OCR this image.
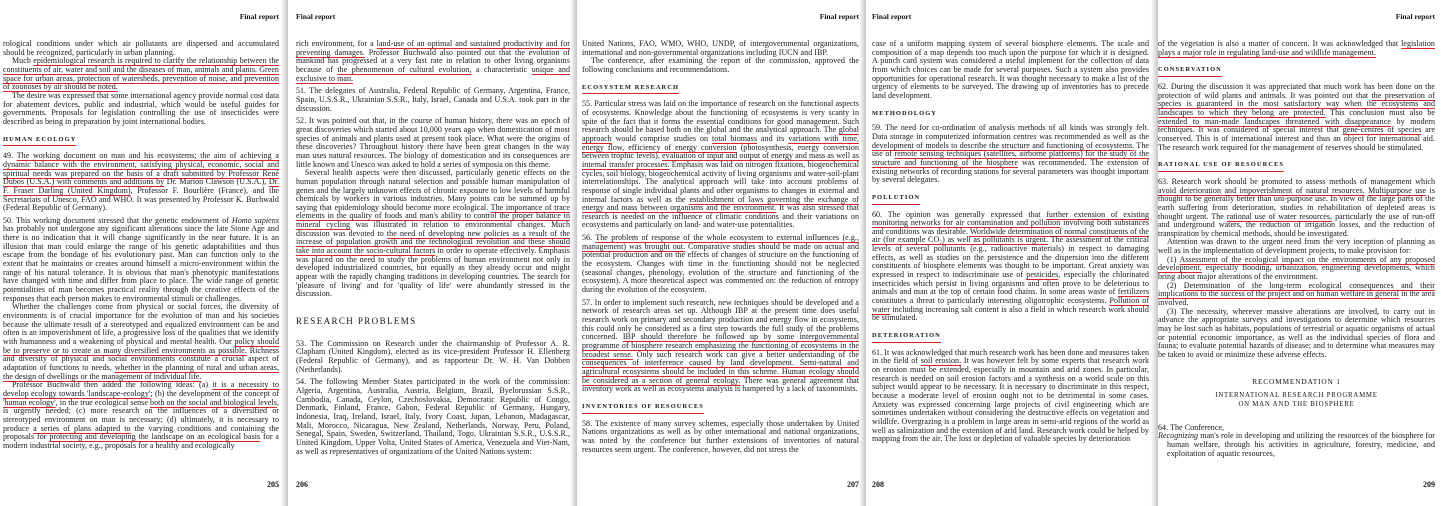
Final report

rological conditions under which air pollutants are dispersed and accumulated should be recognized, particularly in urban planning.

Much epidemiological research is required to clarify the relationship between the constituents of air, water and soil and the diseases of man, animals and plants. Green space for urban areas, protection of watersheds, prevention of noise, and prevention of zoonoses by air should be noted.

The desire was expressed that some international agency provide normal cost data for abatement devices, public and industrial, which would be useful guides for governments. Proposals for legislation controlling the use of insecticides were described as being in preparation by joint international bodies.

HUMAN ECOLOGY

49. The working document on man and his ecosystems; the aim of achieving a dynamic balance with the environment, satisfying physical, economic, social and spiritual needs was prepared on the basis of a draft submitted by Professor René Dubos (U.S.A.) with comments and additions by Dr. Marion Clawson (U.S.A.), Dr. F. Fraser Darling (United Kingdom), Professor F. Bourlière (France), and the Secretariats of Unesco, FAO and WHO. It was presented by Professor K. Buchwald (Federal Republic of Germany).

50. This working document stressed that the genetic endowment of Homo sapiens has probably not undergone any significant alterations since the late Stone Age and there is no indication that it will change significantly in the near future. It is an illusion that man could enlarge the range of his genetic adaptabilities and thus escape from the bondage of his evolutionary past. Man can function only to the extent that he maintains or creates around himself a micro-environment within the range of his natural tolerance. It is obvious that man's phenotypic manifestations have changed with time and differ from place to place. The wide range of genetic potentialities of man becomes practical reality through the creative effects of the responses that each person makes to environmental stimuli or challenges.

Whether the challenges come from physical or social forces, the diversity of environments is of crucial importance for the evolution of man and his societies because the ultimate result of a stereotyped and equalized environment can be and often is an impoverishment of life, a progressive loss of the qualities that we identify with humanness and a weakening of physical and mental health. Our policy should be to preserve or to create as many diversified environments as possible. Richness and diversity of physical and social environments constitute a crucial aspect of adaptation of functions to needs, whether in the planning of rural and urban areas, the design of dwellings or the management of individual life.

Professor Buchwald then added the following ideas: (a) it is a necessity to develop ecology towards 'landscape-ecology'; (b) the development of the concept of 'human ecology', in the true ecological sense both on the social and biological levels, is urgently needed; (c) more research on the influences of a diversified or stereotyped environment on man is necessary; (d) ultimately, it is necessary to produce a series of plans adapted to the varying conditions and containing the proposals for protecting and developing the landscape on an ecological basis for a modern industrial society, e.g., proposals for a healthy and ecologically

205
Final report

rich environment, for a land-use of an optimal and sustained productivity and for preventing damages. Professor Buchwald also pointed out that the evolution of mankind has progressed at a very fast rate in relation to other living organisms because of the phenomenon of cultural evolution, a characteristic unique and exclusive to man.

51. The delegates of Australia, Federal Republic of Germany, Argentina, France, Spain, U.S.S.R., Ukrainian S.S.R., Italy, Israel, Canada and U.S.A. took part in the discussion.

52. It was pointed out that, in the course of human history, there was an epoch of great discoveries which started about 10,000 years ago when domestication of most species of animals and plants used at present took place. What were the origins of these discoveries? Throughout history there have been great changes in the way man uses natural resources. The biology of domestication and its consequences are little known and Unesco was asked to hold a series of symposia on this theme.

Several health aspects were then discussed, particularly genetic effects on the human population through natural selection and possible human manipulation of genes and the largely unknown effects of chronic exposure to low levels of harmful chemicals by workers in various industries. Many points can be summed up by saying that epidemiology should become more ecological. The importance of trace elements in the quality of foods and man's ability to control the proper balance in mineral cycling was illustrated in relation to environmental changes. Much discussion was devoted to the need of developing new policies as a result of the increase of population growth and the technological revolution and these should take into account the socio-cultural factors in order to operate effectively. Emphasis was placed on the need to study the problems of human environment not only in developed industrialized countries, but equally as they already occur and might appear with the rapidly changing traditions in developing countries. The search for 'pleasure of living' and for 'quality of life' were abundantly stressed in the discussion.

RESEARCH PROBLEMS

53. The Commission on Research under the chairmanship of Professor A. R. Clapham (United Kingdom), elected as its vice-president Professor H. Ellenberg (Federal Republic of Germany), and as rapporteur Dr. W. H. Van Dobben (Netherlands).

54. The following Member States participated in the work of the commission: Algeria, Argentina, Australia, Austria, Belgium, Brazil, Byelorussian S.S.R., Cambodia, Canada, Ceylon, Czechoslovakia, Democratic Republic of Congo, Denmark, Finland, France, Gabon, Federal Republic of Germany, Hungary, Indonesia, Iraq, Ireland, Israel, Italy, Ivory Coast, Japan, Lebanon, Madagascar, Mali, Morocco, Nicaragua, New Zealand, Netherlands, Norway, Peru, Poland, Senegal, Spain, Sweden, Switzerland, Thailand, Togo, Ukrainian S.S.R., U.S.S.R., United Kingdom, Upper Volta, United States of America, Venezuela and Viet-Nam, as well as representatives of organizations of the United Nations system:

206
Final report

United Nations, FAO, WMO, WHO, UNDP, of intergovernmental organizations, international and non-governmental organizations including IUCN and IBP.

The conference, after examining the report of the commission, approved the following conclusions and recommendations.

ECOSYSTEM RESEARCH

55. Particular stress was laid on the importance of research on the functional aspects of ecosystems. Knowledge about the functioning of ecosystems is very scanty in spite of the fact that it forms the essential conditions for good management. Such research should be based both on the global and the analytical approach. The global approach would comprise studies on total biomass and its variations with time, energy flow, efficiency of energy conversion (photosynthesis, energy conversion between trophic levels), evaluation of input and output of energy and mass as well as internal transfer processes. Emphasis was laid on nitrogen fixations, biogeochemical cycles, soil biology, biogeochemical activity of living organisms and water-soil-plant interrelationships. The analytical approach will take into account problems of response of single individual plants and other organisms to changes in external and internal factors as well as the establishment of laws governing the exchange of energy and mass between organisms and the environment. It was also stressed that research is needed on the influence of climatic conditions and their variations on ecosystems and particularly on land- and water-use potentialities.

56. The problem of response of the whole ecosystem to external influences (e.g., management) was brought out. Comparative studies should be made on actual and potential production and on the effects of changes of structure on the functioning of the ecosystem. Changes with time in the functioning should not be neglected (seasonal changes, phenology, evolution of the structure and functioning of the ecosystem). A more theoretical aspect was commented on: the reduction of entropy during the evolution of the ecosystem.

57. In order to implement such research, new techniques should be developed and a network of research areas set up. Although IBP at the present time does useful research work on primary and secondary production and energy flow in ecosystems, this could only be considered as a first step towards the full study of the problems concerned. IBP should therefore be followed up by some intergovernmental programme of biosphere research emphasizing the functioning of ecosystems in the broadest sense. Only such research work can give a better understanding of the consequences of interference caused by land development. Semi-natural and agricultural ecosystems should be included in this scheme. Human ecology should be considered as a section of general ecology. There was general agreement that inventory work as well as ecosystems analysis is hampered by a lack of taxonomists.

INVENTORIES OF RESOURCES

58. The existence of many survey schemes, especially those undertaken by United Nations organizations as well as by other international and national organizations, was noted by the conference but further extensions of inventories of natural resources seem urgent. The conference, however, did not stress the

207
Final report

case of a uniform mapping system of several biosphere elements. The scale and composition of a map depends too much upon the purpose for which it is designed. A punch card system was considered a useful implement for the collection of data from which choices can be made for several purposes. Such a system also provides opportunities for operational research. It was thought necessary to make a list of the urgency of elements to be surveyed. The drawing up of inventories has to precede land development.

METHODOLOGY

59. The need for co-ordination of analysis methods of all kinds was strongly felt. Data storage in computerized information centres was recommended as well as the development of models to describe the structure and functioning of ecosystems. The use of remote sensing techniques (satellites, airborne platforms) for the study of the structure and functioning of the biosphere was recommended. The extension of existing networks of recording stations for several parameters was thought important by several delegates.

POLLUTION

60. The opinion was generally expressed that further extension of existing monitoring networks for air contamination and pollution involving both substances and conditions was desirable. Worldwide determination of normal constituents of the air (for example CO₂) as well as pollutants is urgent. The assessment of the critical levels of several pollutants (e.g., radioactive materials) in respect to damaging effects, as well as studies on the persistence and the dispersion into the different constituents of biosphere elements was thought to be important. Great anxiety was expressed in respect to indiscriminate use of pesticides, especially the chlorinated insecticides which persist in living organisms and often prove to be deleterious to animals and man at the top of certain food chains. In some areas waste of fertilizers constitutes a threat to particularly interesting oligotrophic ecosystems. Pollution of water including increasing salt content is also a field in which research work should be stimulated.

DETERIORATION

61. It was acknowledged that much research work has been done and measures taken in the field of soil erosion. It was however felt by some experts that research work on erosion must be extended, especially in mountain and arid zones. In particular, research is needed on soil erosion factors and a synthesis on a world scale on this subject would appear to be necessary. It is necessary to discriminate in this respect, because a moderate level of erosion ought not to be detrimental in some cases. Anxiety was expressed concerning large projects of civil engineering which are sometimes undertaken without considering the destructive effects on vegetation and wildlife. Overgrazing is a problem in large areas in semi-arid regions of the world as well as salinization and the extension of arid land. Research work could be helped by mapping from the air. The loss or depletion of valuable species by deterioration

208
Final report

of the vegetation is also a matter of concern. It was acknowledged that legislation plays a major role in regulating land-use and wildlife management.

CONSERVATION

62. During the discussion it was appreciated that much work has been done on the protection of wild plants and animals. It was pointed out that the preservation of species is guaranteed in the most satisfactory way when the ecosystems and landscapes to which they belong are protected. This conclusion must also be extended to man-made landscapes threatened with disappearance by modern techniques. It was considered of special interest that gene-centres of species are conserved. This is of international interest and thus an object for international aid. The research work required for the management of reserves should be stimulated.

RATIONAL USE OF RESOURCES

63. Research work should be promoted to assess methods of management which avoid deterioration and impoverishment of natural resources. Multipurpose use is thought to be generally better than uni-purpose use. In view of the large parts of the earth suffering from deterioration, studies in rehabilitation of depleted areas is thought urgent. The rational use of water resources, particularly the use of run-off and underground waters, the reduction of irrigation losses, and the reduction of transpiration by chemical methods, should be investigated.

Attention was drawn to the urgent need from the very inception of planning as well as in the implementation of development projects, to make provision for:

(1) Assessment of the ecological impact on the environments of any proposed development, especially flooding, urbanization, engineering developments, which bring about major alterations of the environment.

(2) Determination of the long-term ecological consequences and their implications to the success of the project and on human welfare in general in the area involved.

(3) The necessity, wherever massive alterations are involved, to carry out in advance the appropriate surveys and investigations to determine which resources may be lost such as habitats, populations of terrestrial or aquatic organisms of actual or potential economic importance, as well as the individual species of flora and fauna; to evaluate potential hazards of disease; and to determine what measures may be taken to avoid or minimize these adverse effects.

RECOMMENDATION 1
INTERNATIONAL RESEARCH PROGRAMME
ON MAN AND THE BIOSPHERE

64. The Conference,

Recognizing man's role in developing and utilizing the resources of the biosphere for human welfare, through his activities in agriculture, forestry, medicine, and exploitation of aquatic resources,

209
